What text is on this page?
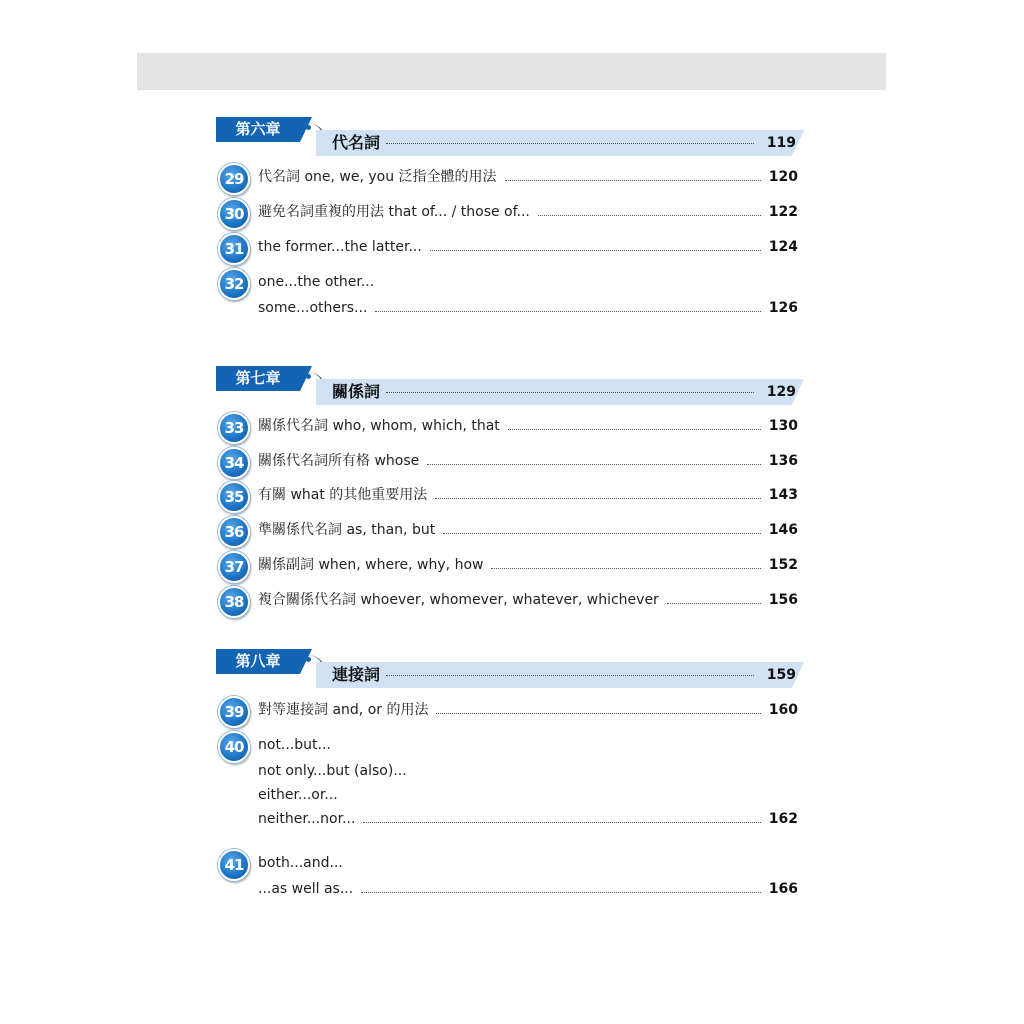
第六章
代名詞	119
29	代名詞 one, we, you 泛指全體的用法	120
30	避免名詞重複的用法 that of... / those of...	122
31	the former...the latter...	124
32	one...the other...
some...others...	126
第七章
關係詞	129
33	關係代名詞 who, whom, which, that	130
34	關係代名詞所有格 whose	136
35	有關 what 的其他重要用法	143
36	準關係代名詞 as, than, but	146
37	關係副詞 when, where, why, how	152
38	複合關係代名詞 whoever, whomever, whatever, whichever	156
第八章
連接詞	159
39	對等連接詞 and, or 的用法	160
40	not...but...
not only...but (also)...
either...or...
neither...nor...	162
41	both...and...
...as well as...	166
